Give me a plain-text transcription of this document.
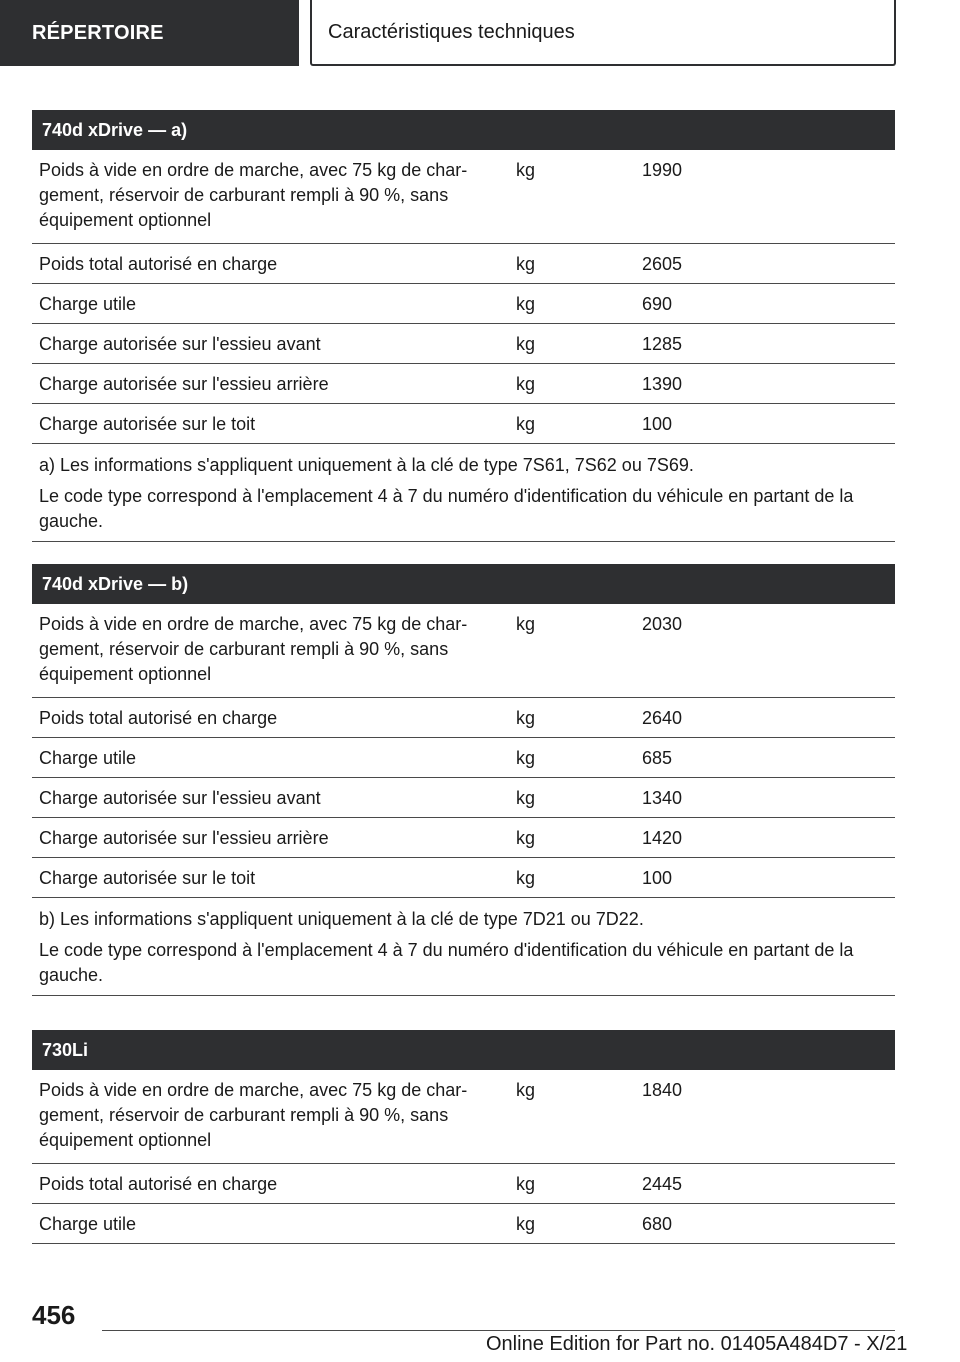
RÉPERTOIRE	Caractéristiques techniques
740d xDrive — a)
Poids à vide en ordre de marche, avec 75 kg de char-
gement, réservoir de carburant rempli à 90 %, sans
équipement optionnel
kg	1990
Poids total autorisé en charge	kg	2605
Charge utile	kg	690
Charge autorisée sur l'essieu avant	kg	1285
Charge autorisée sur l'essieu arrière	kg	1390
Charge autorisée sur le toit	kg	100

a) Les informations s'appliquent uniquement à la clé de type 7S61, 7S62 ou 7S69.

Le code type correspond à l'emplacement 4 à 7 du numéro d'identification du véhicule en partant de la gauche.

740d xDrive — b)
Poids à vide en ordre de marche, avec 75 kg de char-
gement, réservoir de carburant rempli à 90 %, sans
équipement optionnel
kg	2030
Poids total autorisé en charge	kg	2640
Charge utile	kg	685
Charge autorisée sur l'essieu avant	kg	1340
Charge autorisée sur l'essieu arrière	kg	1420
Charge autorisée sur le toit	kg	100

b) Les informations s'appliquent uniquement à la clé de type 7D21 ou 7D22.

Le code type correspond à l'emplacement 4 à 7 du numéro d'identification du véhicule en partant de la gauche.

730Li
Poids à vide en ordre de marche, avec 75 kg de char-
gement, réservoir de carburant rempli à 90 %, sans
équipement optionnel
kg	1840
Poids total autorisé en charge	kg	2445
Charge utile	kg	680
456
Online Edition for Part no. 01405A484D7 - X/21
